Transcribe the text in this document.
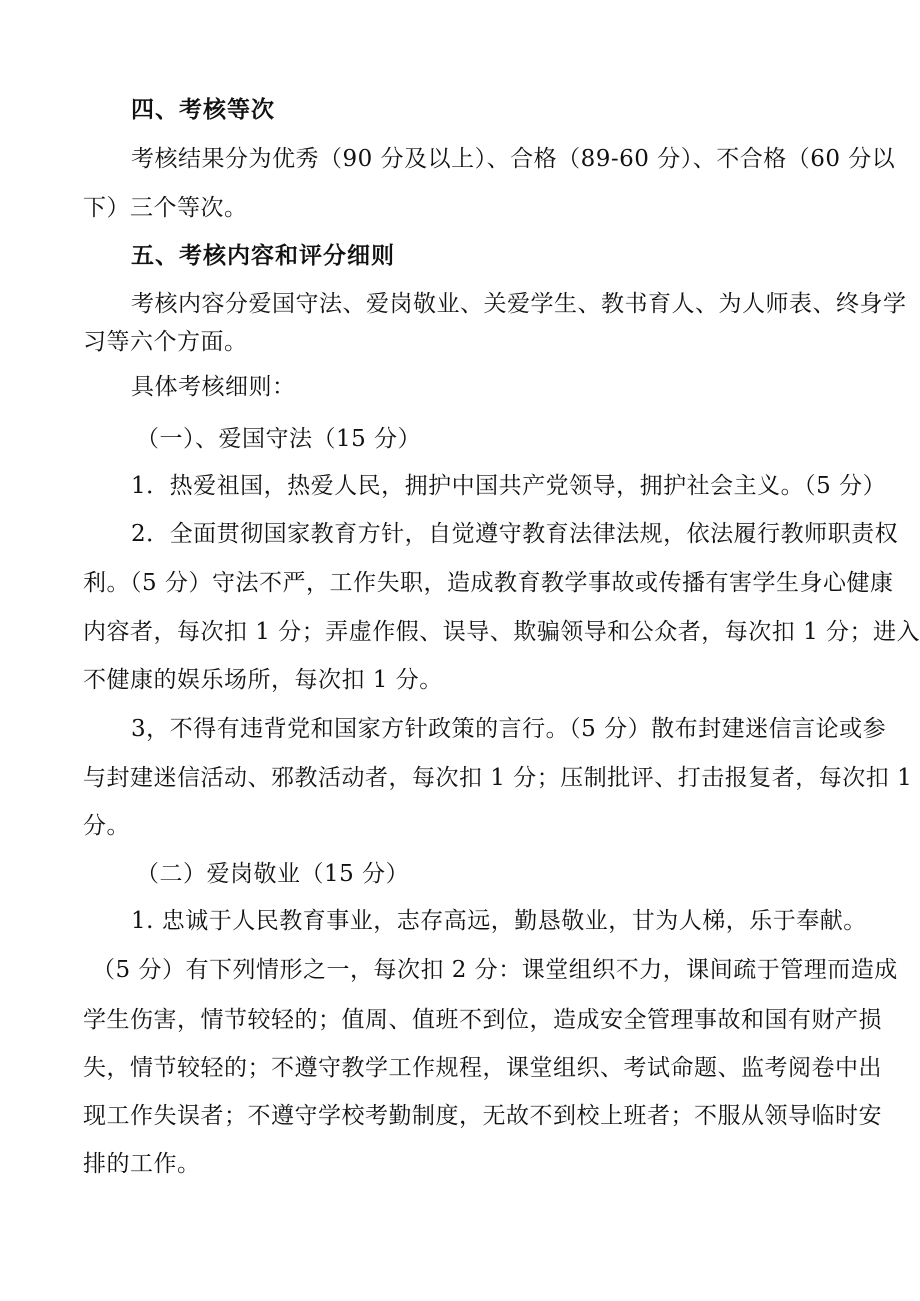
四、考核等次
考核结果分为优秀（90 分及以上）、合格（89-60 分）、不合格（60 分以
下）三个等次。
五、考核内容和评分细则
考核内容分爱国守法、爱岗敬业、关爱学生、教书育人、为人师表、终身学
习等六个方面。
具体考核细则：
（一）、爱国守法（15 分）
1．热爱祖国，热爱人民，拥护中国共产党领导，拥护社会主义。（5 分）
2．全面贯彻国家教育方针，自觉遵守教育法律法规，依法履行教师职责权
利。（5 分）守法不严，工作失职，造成教育教学事故或传播有害学生身心健康
内容者，每次扣 1 分；弄虚作假、误导、欺骗领导和公众者，每次扣 1 分；进入
不健康的娱乐场所，每次扣 1 分。
3，不得有违背党和国家方针政策的言行。（5 分）散布封建迷信言论或参
与封建迷信活动、邪教活动者，每次扣 1 分；压制批评、打击报复者，每次扣 1
分。
（二）爱岗敬业（15 分）
1. 忠诚于人民教育事业，志存高远，勤恳敬业，甘为人梯，乐于奉献。
（5 分）有下列情形之一，每次扣 2 分：课堂组织不力，课间疏于管理而造成
学生伤害，情节较轻的；值周、值班不到位，造成安全管理事故和国有财产损
失，情节较轻的；不遵守教学工作规程，课堂组织、考试命题、监考阅卷中出
现工作失误者；不遵守学校考勤制度，无故不到校上班者；不服从领导临时安
排的工作。
